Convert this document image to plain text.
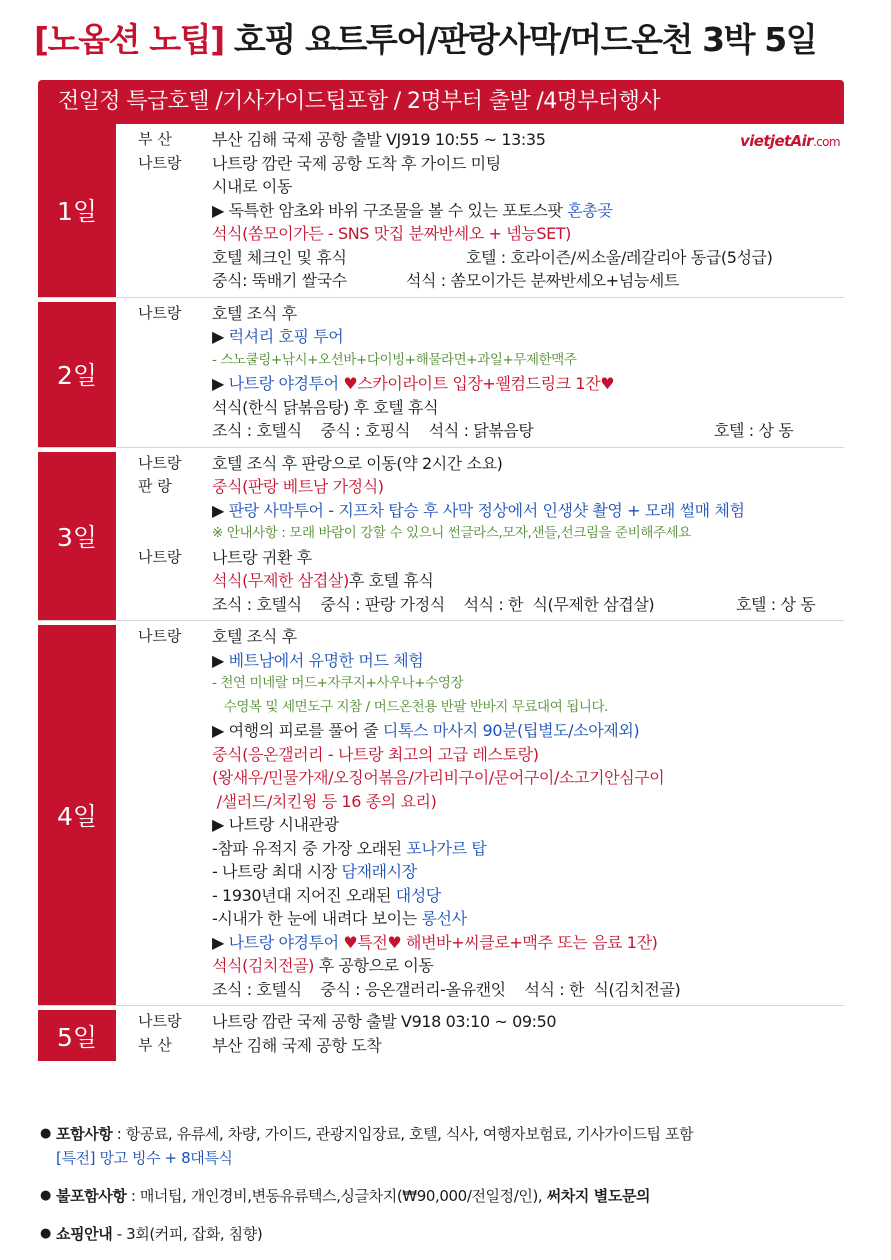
[노옵션 노팁] 호핑 요트투어/판랑사막/머드온천 3박 5일
전일정 특급호텔 /기사가이드팁포함 / 2명부터 출발 /4명부터행사
1일
vietjetAir.com
부 산	부산 김해 국제 공항 출발 VJ919 10:55 ~ 13:35
나트랑	나트랑 깜란 국제 공항 도착 후 가이드 미팅
시내로 이동
▶ 독특한 암초와 바위 구조물을 볼 수 있는 포토스팟 혼총곶
석식(쏨모이가든 - SNS 맛집 분짜반세오 + 넴능SET)
호텔 체크인 및 휴식	호텔 : 호라이즌/씨소울/레갈리아 동급(5성급)
중식: 뚝배기 쌀국수	석식 : 쏨모이가든 분짜반세오+넘능세트
2일
나트랑	호텔 조식 후
▶ 럭셔리 호핑 투어
- 스노쿨링+낚시+오션바+다이빙+해물라면+과일+무제한맥주
▶ 나트랑 야경투어 ♥스카이라이트 입장+웰컴드링크 1잔♥
석식(한식 닭볶음탕) 후 호텔 휴식
조식 : 호텔식    중식 : 호핑식    석식 : 닭볶음탕	호텔 : 상 동
3일
나트랑	호텔 조식 후 판랑으로 이동(약 2시간 소요)
판 랑	중식(판랑 베트남 가정식)
▶ 판랑 사막투어 - 지프차 탑승 후 사막 정상에서 인생샷 촬영 + 모래 썰매 체험
※ 안내사항 : 모래 바람이 강할 수 있으니 썬글라스,모자,샌들,선크림을 준비해주세요
나트랑	나트랑 귀환 후
석식(무제한 삼겹살)후 호텔 휴식
조식 : 호텔식    중식 : 판랑 가정식    석식 : 한  식(무제한 삼겹살)	호텔 : 상 동
4일
나트랑	호텔 조식 후
▶ 베트남에서 유명한 머드 체험
- 천연 미네랄 머드+자쿠지+사우나+수영장
수영복 및 세면도구 지참 / 머드온천용 반팔 반바지 무료대여 됩니다.
▶ 여행의 피로를 풀어 줄 디톡스 마사지 90분(팁별도/소아제외)
중식(응온갤러리 - 나트랑 최고의 고급 레스토랑)
(왕새우/민물가재/오징어볶음/가리비구이/문어구이/소고기안심구이
/샐러드/치킨윙 등 16 종의 요리)
▶ 나트랑 시내관광
-참파 유적지 중 가장 오래된 포나가르 탑
- 나트랑 최대 시장 담재래시장
- 1930년대 지어진 오래된 대성당
-시내가 한 눈에 내려다 보이는 롱선사
▶ 나트랑 야경투어 ♥특전♥ 해변바+씨클로+맥주 또는 음료 1잔)
석식(김치전골) 후 공항으로 이동
조식 : 호텔식    중식 : 응온갤러리-올유캔잇    석식 : 한  식(김치전골)
5일
나트랑	나트랑 깜란 국제 공항 출발 V918 03:10 ~ 09:50
부 산	부산 김해 국제 공항 도착
● 포함사항 : 항공료, 유류세, 차량, 가이드, 관광지입장료, 호텔, 식사, 여행자보험료, 기사가이드팁 포함
[특전] 망고 빙수 + 8대특식
● 불포함사항 : 매너팁, 개인경비,변동유류텍스,싱글차지(₩90,000/전일정/인), 써차지 별도문의
● 쇼핑안내 - 3회(커피, 잡화, 침향)
